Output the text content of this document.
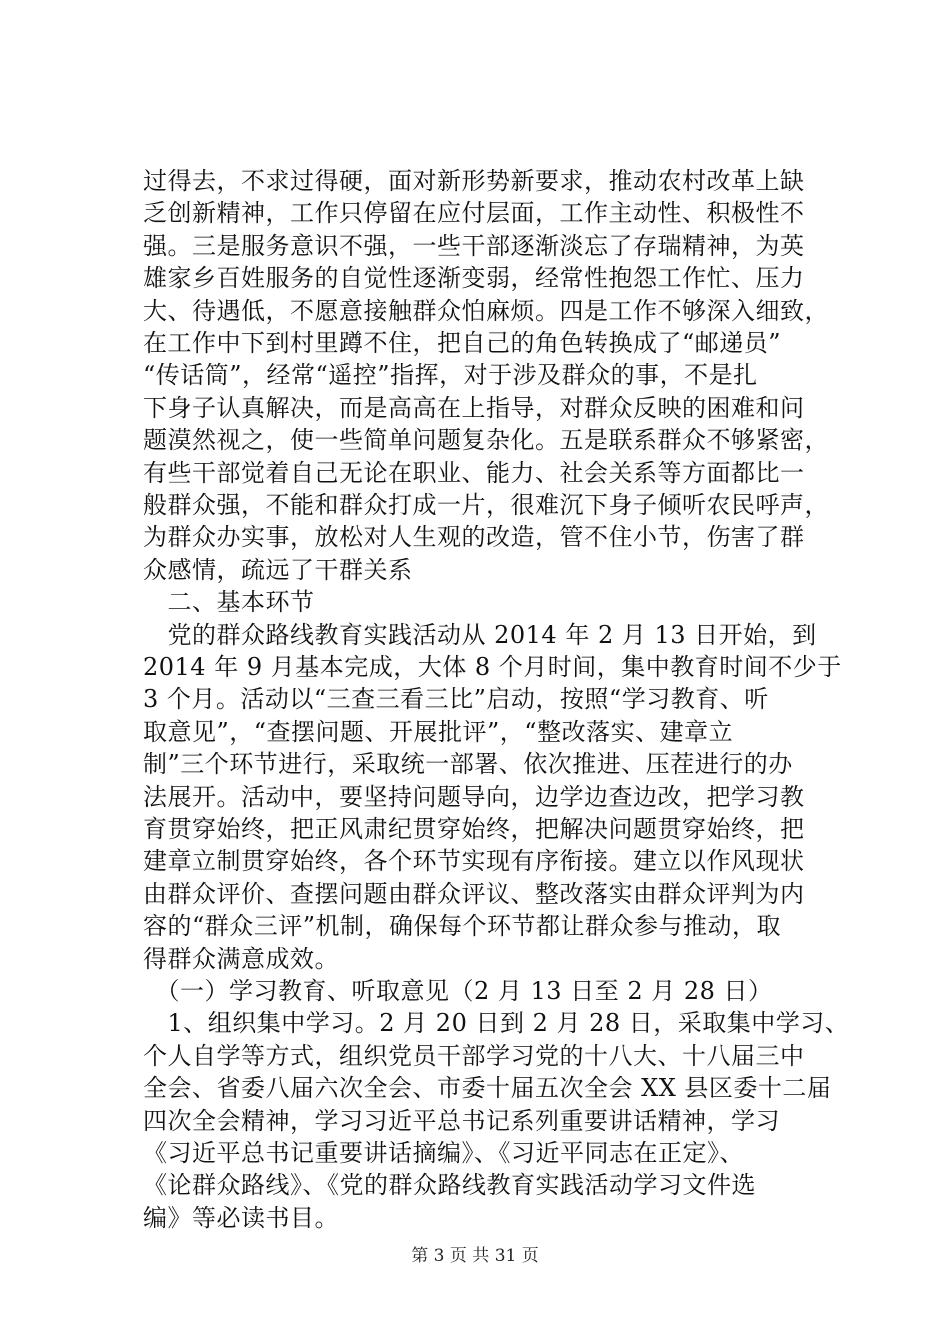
过得去，不求过得硬，面对新形势新要求，推动农村改革上缺
乏创新精神，工作只停留在应付层面，工作主动性、积极性不
强。三是服务意识不强，一些干部逐渐淡忘了存瑞精神，为英
雄家乡百姓服务的自觉性逐渐变弱，经常性抱怨工作忙、压力
大、待遇低，不愿意接触群众怕麻烦。四是工作不够深入细致，
在工作中下到村里蹲不住，把自己的角色转换成了“邮递员”
“传话筒”，经常“遥控”指挥，对于涉及群众的事，不是扎
下身子认真解决，而是高高在上指导，对群众反映的困难和问
题漠然视之，使一些简单问题复杂化。五是联系群众不够紧密，
有些干部觉着自己无论在职业、能力、社会关系等方面都比一
般群众强，不能和群众打成一片，很难沉下身子倾听农民呼声，
为群众办实事，放松对人生观的改造，管不住小节，伤害了群
众感情，疏远了干群关系
　二、基本环节
　党的群众路线教育实践活动从 2014 年 2 月 13 日开始，到
2014 年 9 月基本完成，大体 8 个月时间，集中教育时间不少于
3 个月。活动以“三查三看三比”启动，按照“学习教育、听
取意见”，“查摆问题、开展批评”，“整改落实、建章立
制”三个环节进行，采取统一部署、依次推进、压茬进行的办
法展开。活动中，要坚持问题导向，边学边查边改，把学习教
育贯穿始终，把正风肃纪贯穿始终，把解决问题贯穿始终，把
建章立制贯穿始终，各个环节实现有序衔接。建立以作风现状
由群众评价、查摆问题由群众评议、整改落实由群众评判为内
容的“群众三评”机制，确保每个环节都让群众参与推动，取
得群众满意成效。
　（一）学习教育、听取意见（2 月 13 日至 2 月 28 日）
　1、组织集中学习。2 月 20 日到 2 月 28 日，采取集中学习、
个人自学等方式，组织党员干部学习党的十八大、十八届三中
全会、省委八届六次全会、市委十届五次全会 XX 县区委十二届
四次全会精神，学习习近平总书记系列重要讲话精神，学习
《习近平总书记重要讲话摘编》、《习近平同志在正定》、
《论群众路线》、《党的群众路线教育实践活动学习文件选
编》等必读书目。
第 3 页 共 31 页
